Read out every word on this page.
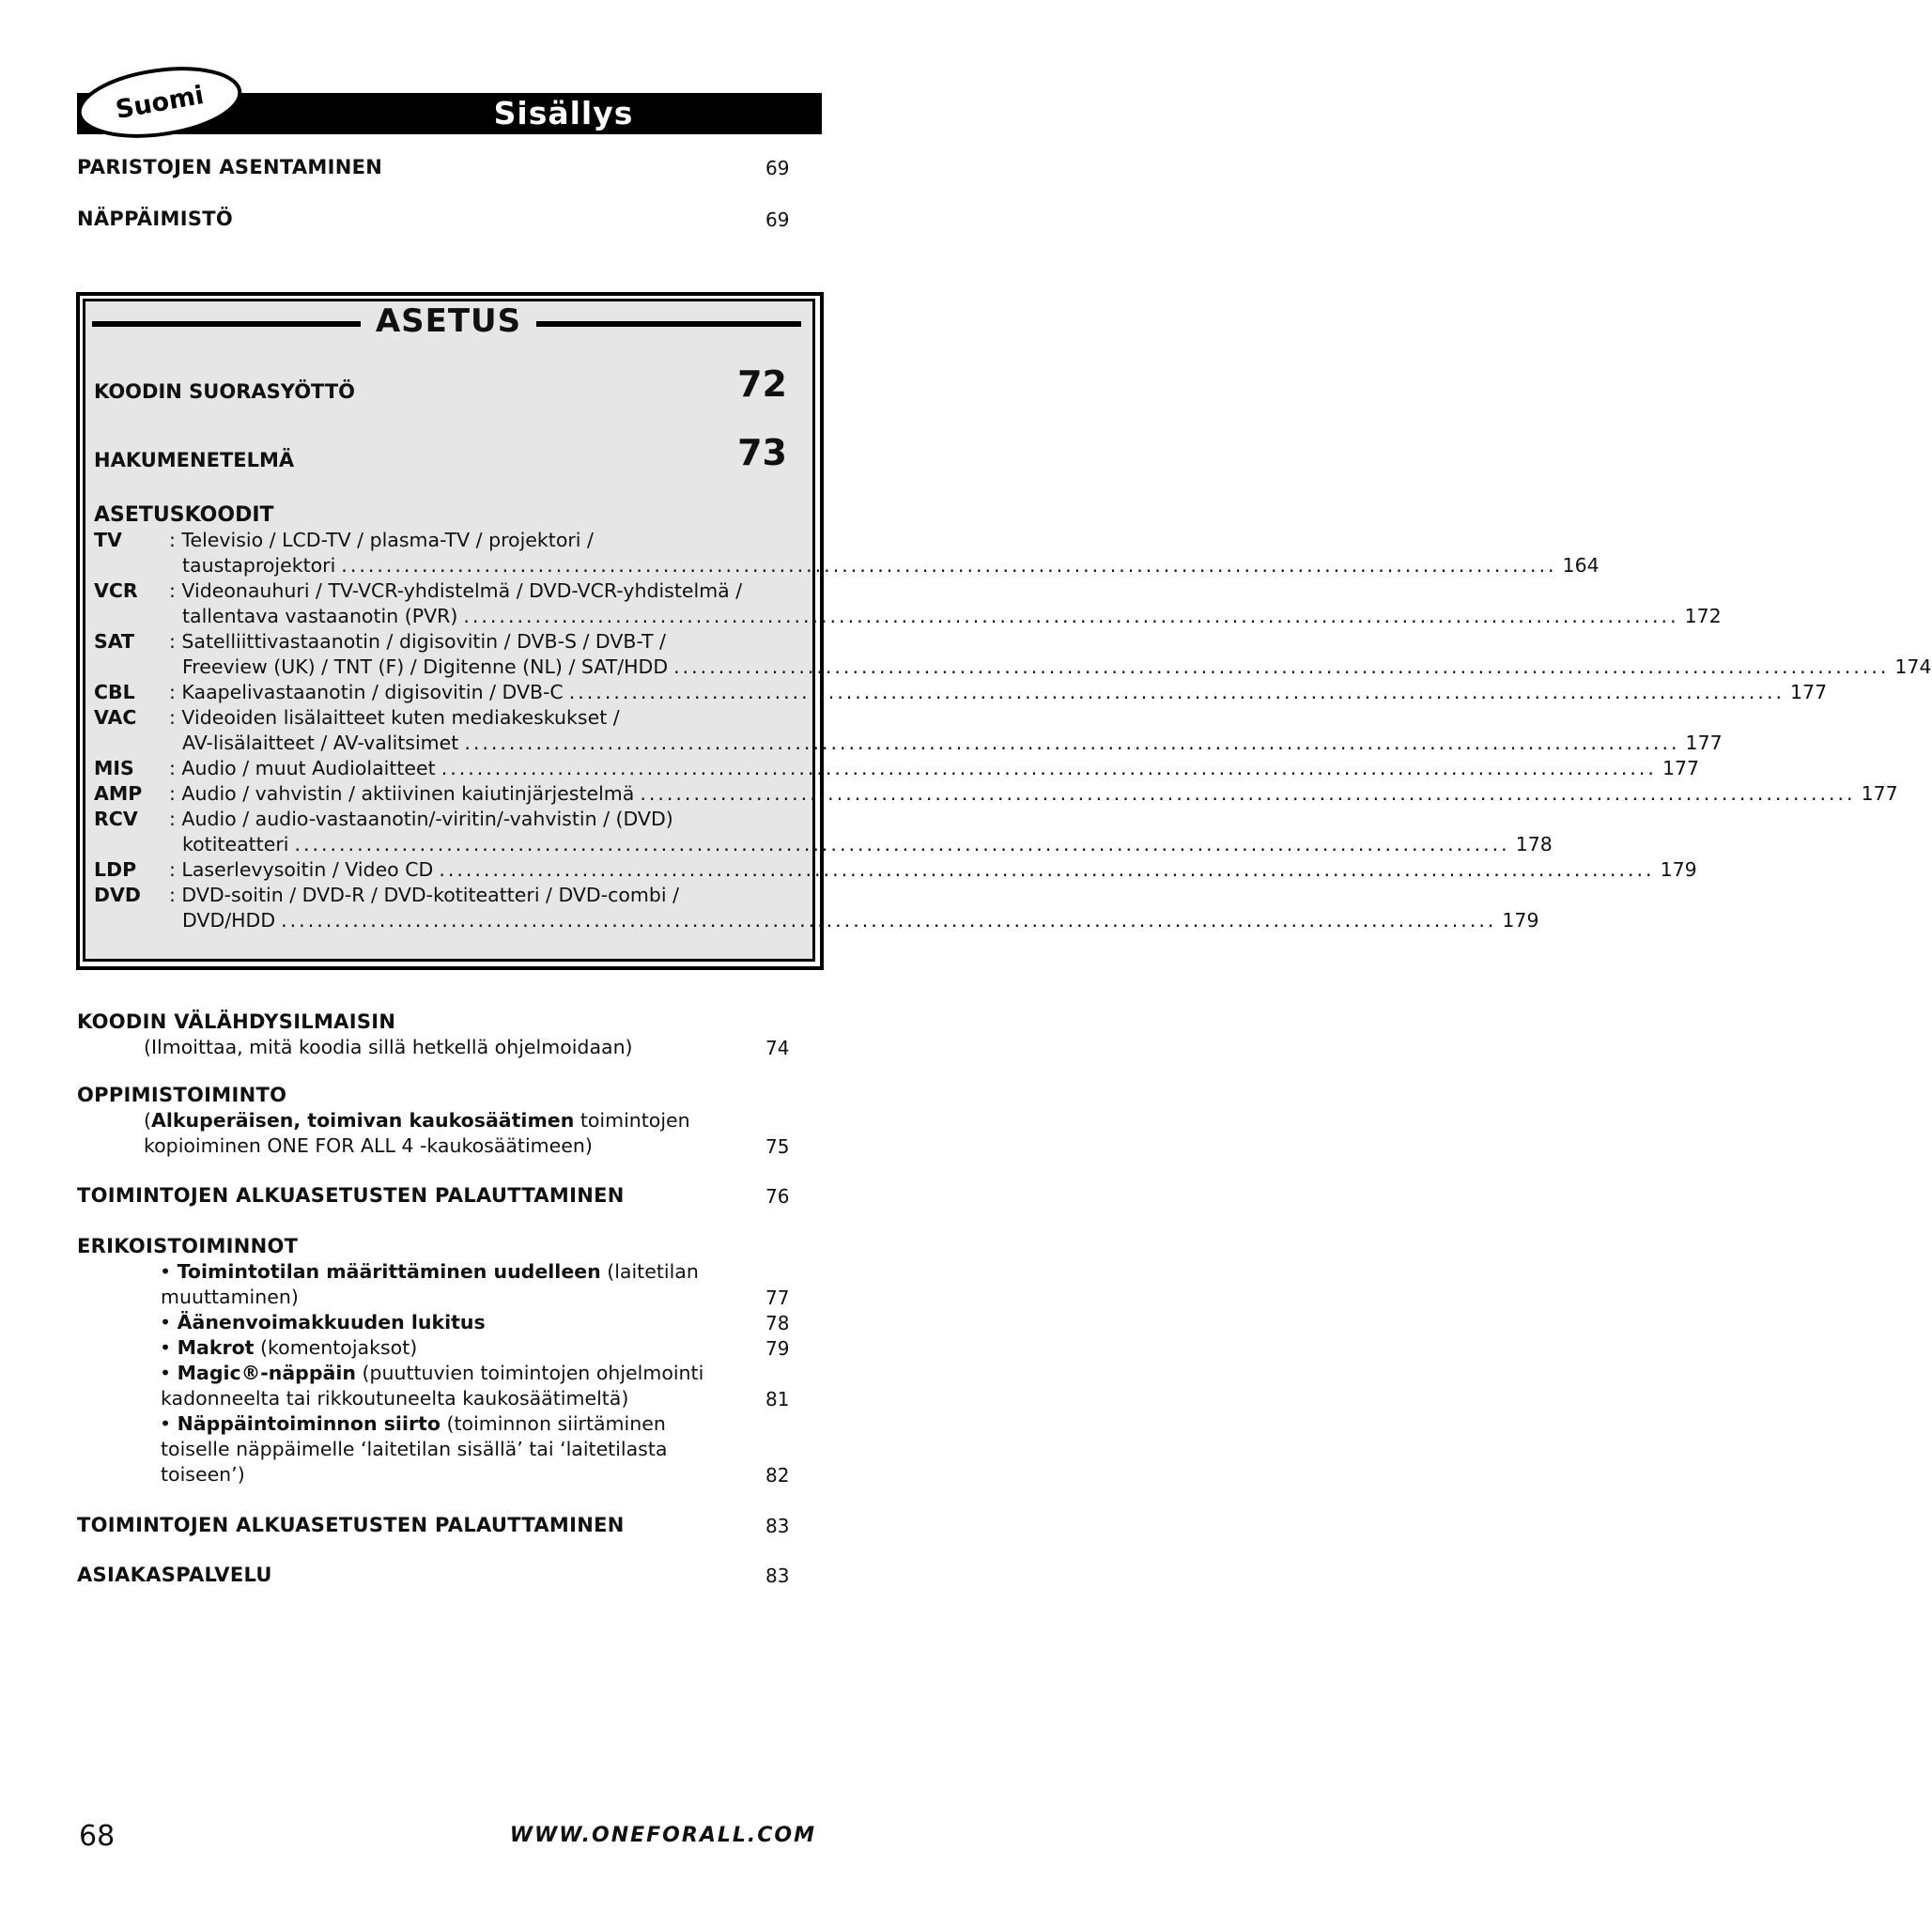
Suomi	Sisällys
PARISTOJEN ASENTAMINEN	69
NÄPPÄIMISTÖ	69
ASETUS
KOODIN SUORASYÖTTÖ	72
HAKUMENETELMÄ	73
ASETUSKOODIT
TV : Televisio / LCD-TV / plasma-TV / projektori /
taustaprojektori ........................................................................................................................................ 164
VCR : Videonauhuri / TV-VCR-yhdistelmä / DVD-VCR-yhdistelmä /
tallentava vastaanotin (PVR) ........................................................................................................................................ 172
SAT : Satelliittivastaanotin / digisovitin / DVB-S / DVB-T /
Freeview (UK) / TNT (F) / Digitenne (NL) / SAT/HDD ........................................................................................................................................ 174
CBL : Kaapelivastaanotin / digisovitin / DVB-C ........................................................................................................................................ 177
VAC : Videoiden lisälaitteet kuten mediakeskukset /
AV-lisälaitteet / AV-valitsimet ........................................................................................................................................ 177
MIS : Audio / muut Audiolaitteet ........................................................................................................................................ 177
AMP : Audio / vahvistin / aktiivinen kaiutinjärjestelmä ........................................................................................................................................ 177
RCV : Audio / audio-vastaanotin/-viritin/-vahvistin / (DVD)
kotiteatteri ........................................................................................................................................ 178
LDP : Laserlevysoitin / Video CD ........................................................................................................................................ 179
DVD : DVD-soitin / DVD-R / DVD-kotiteatteri / DVD-combi /
DVD/HDD ........................................................................................................................................ 179
KOODIN VÄLÄHDYSILMAISIN
(Ilmoittaa, mitä koodia sillä hetkellä ohjelmoidaan)	74
OPPIMISTOIMINTO
(Alkuperäisen, toimivan kaukosäätimen toimintojen
kopioiminen ONE FOR ALL 4 -kaukosäätimeen)	75
TOIMINTOJEN ALKUASETUSTEN PALAUTTAMINEN	76
ERIKOISTOIMINNOT
• Toimintotilan määrittäminen uudelleen (laitetilan
muuttaminen)	77
• Äänenvoimakkuuden lukitus	78
• Makrot (komentojaksot)	79
• Magic®-näppäin (puuttuvien toimintojen ohjelmointi
kadonneelta tai rikkoutuneelta kaukosäätimeltä)	81
• Näppäintoiminnon siirto (toiminnon siirtäminen
toiselle näppäimelle ‘laitetilan sisällä’ tai ‘laitetilasta
toiseen’)	82
TOIMINTOJEN ALKUASETUSTEN PALAUTTAMINEN	83
ASIAKASPALVELU	83
68	WWW.ONEFORALL.COM
